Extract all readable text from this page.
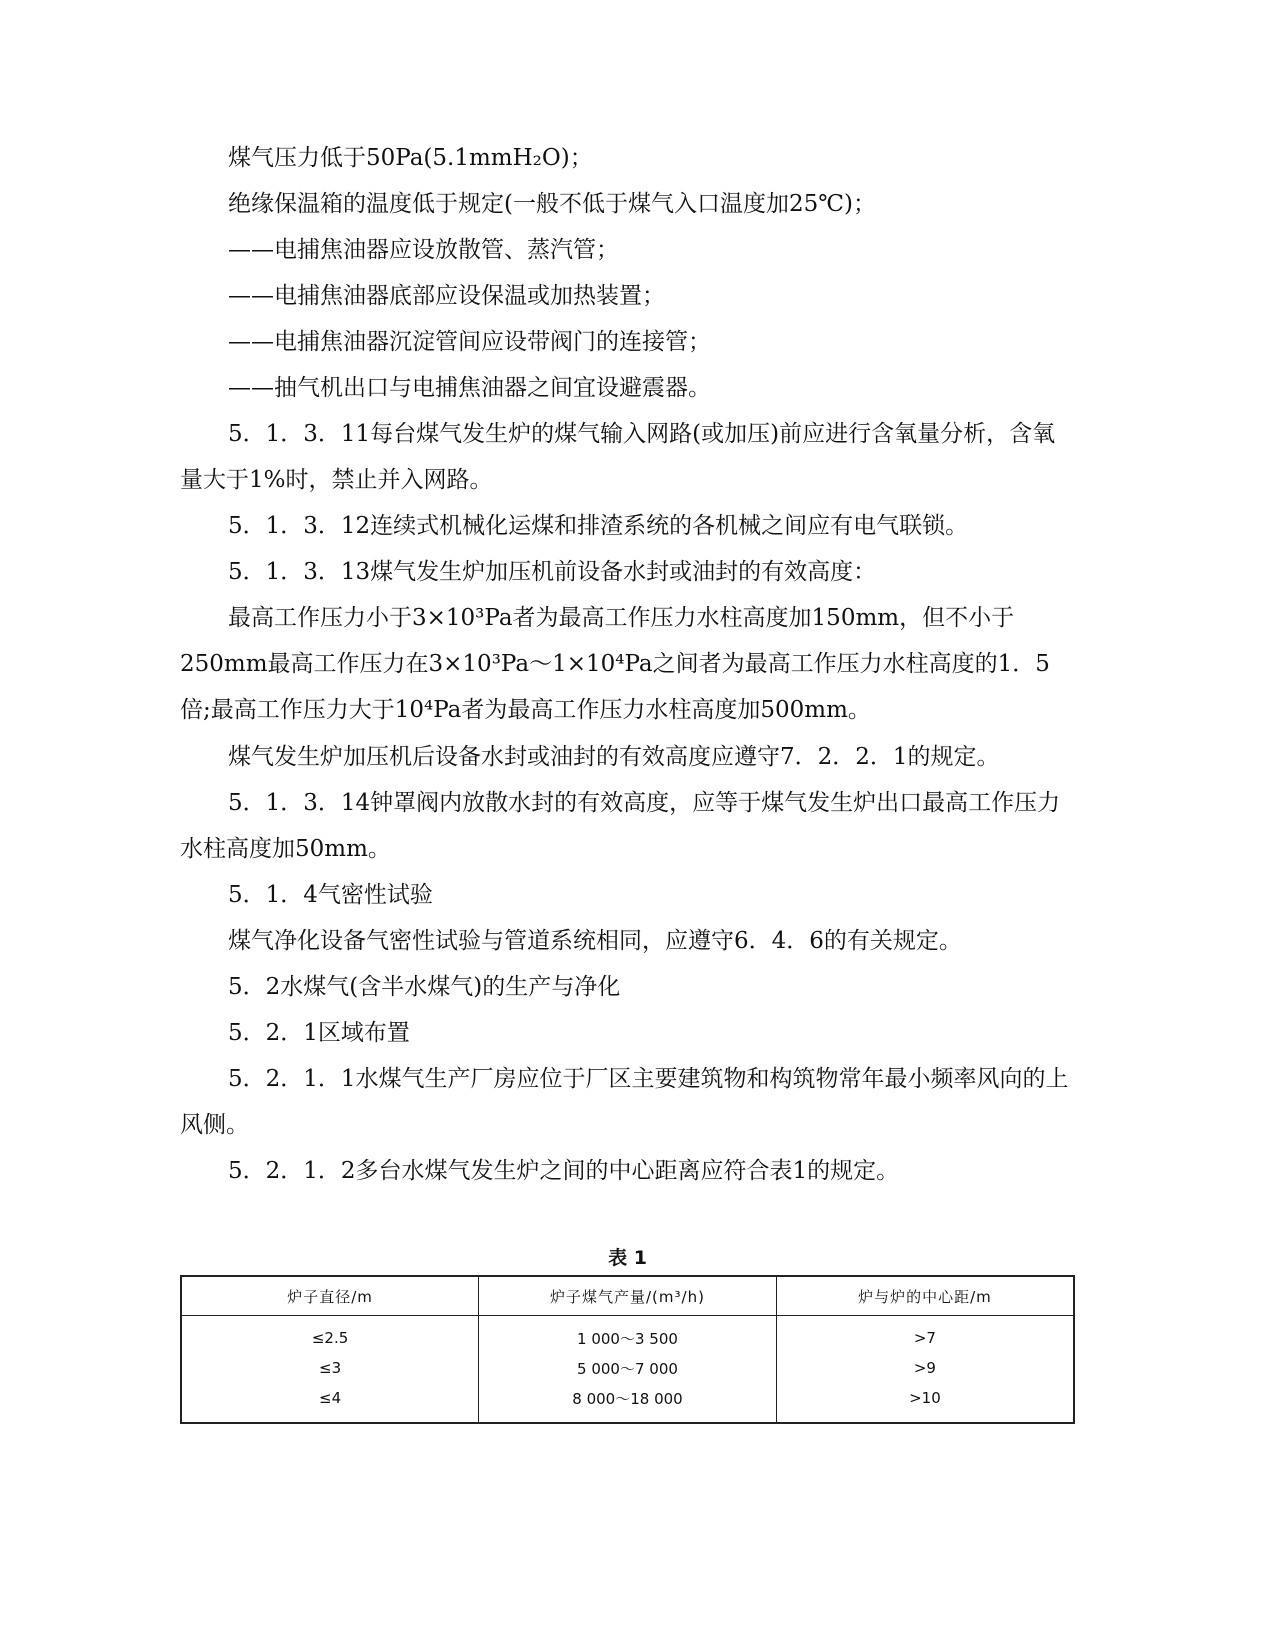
煤气压力低于50Pa(5.1mmH₂O)；

绝缘保温箱的温度低于规定(一般不低于煤气入口温度加25℃)；

——电捕焦油器应设放散管、蒸汽管；

——电捕焦油器底部应设保温或加热装置；

——电捕焦油器沉淀管间应设带阀门的连接管；

——抽气机出口与电捕焦油器之间宜设避震器。

5．1．3．11每台煤气发生炉的煤气输入网路(或加压)前应进行含氧量分析，含氧量大于1%时，禁止并入网路。

5．1．3．12连续式机械化运煤和排渣系统的各机械之间应有电气联锁。

5．1．3．13煤气发生炉加压机前设备水封或油封的有效高度：

最高工作压力小于3×10³Pa者为最高工作压力水柱高度加150mm，但不小于250mm最高工作压力在3×10³Pa～1×10⁴Pa之间者为最高工作压力水柱高度的1．5倍;最高工作压力大于10⁴Pa者为最高工作压力水柱高度加500mm。

煤气发生炉加压机后设备水封或油封的有效高度应遵守7．2．2．1的规定。

5．1．3．14钟罩阀内放散水封的有效高度，应等于煤气发生炉出口最高工作压力水柱高度加50mm。

5．1．4气密性试验

煤气净化设备气密性试验与管道系统相同，应遵守6．4．6的有关规定。

5．2水煤气(含半水煤气)的生产与净化

5．2．1区域布置

5．2．1．1水煤气生产厂房应位于厂区主要建筑物和构筑物常年最小频率风向的上风侧。

5．2．1．2多台水煤气发生炉之间的中心距离应符合表1的规定。

表 1
炉子直径/m	炉子煤气产量/(m³/h)	炉与炉的中心距/m
≤2.5	1 000～3 500	>7
≤3	5 000～7 000	>9
≤4	8 000～18 000	>10
